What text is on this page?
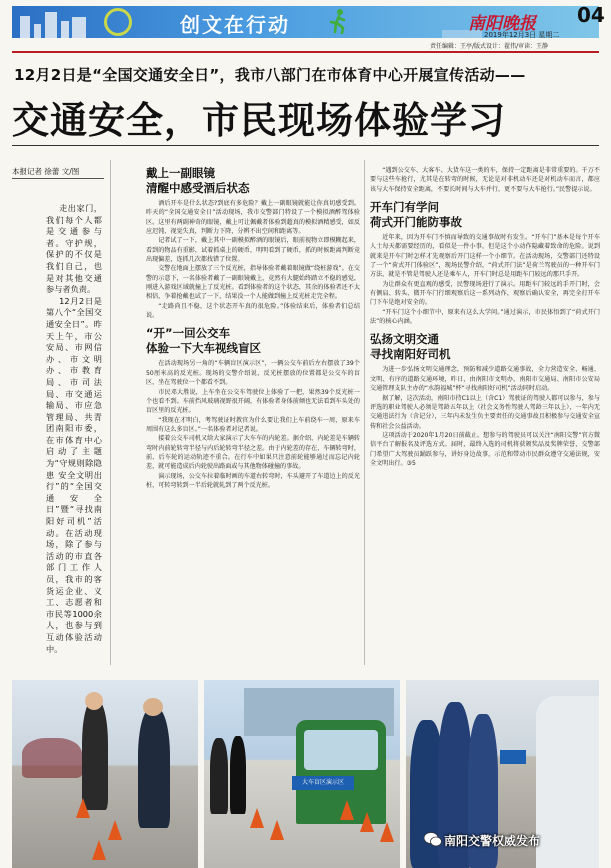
创文在行动	南阳晚报 04
2019年12月3日 星期二
责任编辑：王亭/版式设计：翟伟/审读：王静
12月2日是“全国交通安全日”，我市八部门在市体育中心开展宣传活动——
交通安全，市民现场体验学习
本报记者 徐蕾 文/图

走出家门，我们每个人都是交通参与者。守护规，保护的不仅是我们自己，也是对其他交通参与者负责。

12月2日是第八个“全国交通安全日”。昨天上午，市公安局、市网信办、市文明办、市教育局、市司法局、市交通运输局、市应急管理局、共青团南阳市委，在市体育中心启动了主题为“守规则除隐患 安全文明出行”的“全国交通安全日”暨“寻找南阳好司机”活动。在活动现场，除了参与活动的市直各部门工作人员，我市的客货运企业、义工、志愿者和市民等1000余人，也参与到互动体验活动中。

戴上一副眼镜
清醒中感受酒后状态

酒后开车是什么状态?到底有多危险？戴上一副眼镜就能让你真切感受到。昨天的“全国交通安全日”活动现场，我市交警部门特设了一个模拟酒醉驾体验区。这里有两副神奇的眼镜，戴上可让佩戴者体验到超真的模拟酒精感受，如反应迟钝、视觉失真，判断力下降，分辨不出空间和距离等。

记者试了一下，戴上其中一副模拟醉酒的眼镜后，眼前视物立即模糊起来，看到的物品有重影，试着抓桌上的硬币，明明看到了硬币，抓的时候距离判断竟出现偏差，连抓几次都找错了位置。

交警在地面上摆放了三个反光桩，指导体验者戴着眼镜做“绕桩游戏”。在交警的示意下，一名体验者戴了一副眼镜戴上，竟然有大腿始终踏立不稳的感觉，刚进入游戏区域就撞上了反光桩。看到体验者的这个状态，其余的体验者还不太相信，争着抢戴也试了一下，结果没一个人能做到撞上反光桩走完全程。

“走路尚且不稳，这个状态开车真的很危险。”体验结束后，体验者们总结说。

“开”一回公交车
体验一下大车视线盲区

在活动现场另一角的“车辆盲区演示区”，一辆公交车前后左右摆放了39个50厘米高的反光桩。现场的交警介绍说，反光桩摆放的位置都是公交车的盲区，坐在驾驶位一个都看不到。

市民邓大胜说，上车坐在公交车驾驶位上体验了一把，果然39个反光桩一个也看不到。车前挡风玻璃视野很开阔，有体验者身体前倾也无法看到车头处的盲区里的反光桩。

“我现在才明白，考驾驶证时教官为什么要让我们上车前绕车一周，原来车周围有这么多盲区。”一名体验者对记者说。

接着公交车司机又给大家演示了大车车的内轮差。据介绍，内轮差是车辆转弯时内前轮转弯半径与内后轮转弯半径之差。由于内轮差的存在，车辆转弯时，前、后车轮的运动轨迹不重合。在行车中如果只注意前轮能够通过而忘记内轮差，就可能造成后内轮驶出路面或与其他物体碰撞的事故。

演示现场，公交车拉着临时画的车道右转弯时，车头避开了车道边上的反光桩，可转弯转到一半后轮就轧到了两个反光桩。

“遇到公交车、大客车、大货车这一类的车，保持一定距离是非常重要的。千万不要与这些车抢行，尤其是在转弯的时候，无论是对非机动车还是对机动车而言，都应该与大车保持安全距离，不要长时间与大车并行，更不要与大车抢行。”民警提示说。

开车门有学问
荷式开门能防事故

近年来，因为开车门不慎而导致的交通事故时有发生。“开车门”基本是每个开车人士每天都需要经历的，看似是一件小事，但是这个小动作隐藏着致命的危险。说到就来是开车门时怎样才先观察后开门这样一个小细节。在活动现场，交警部门还特设了一个“荷式开门体验区”，现场民警介绍，“荷式开门法”是荷兰驾驶员的一种开车门方法，就是不管是驾驶人还是乘车人，开车门时总是用距车门较远的那只手开。

为让群众有更直观的感受，民警现场进行了演示。用距车门较远的手开门时，会有侧肩、转头、微开车门行细观察后这一系列动作，观察后确认安全，再完全打开车门下车是绝对安全的。

“开车门这个小细节中，原来有这么大学问。”通过演示，市民体悟到了“荷式开门法”的核心内涵。

弘扬文明交通
寻找南阳好司机

为进一步弘扬文明交通理念，预防和减少道路交通事故，全力营造安全、畅通、文明、有序的道路交通环境，昨日，由南阳市文明办、南阳市交通局、南阳市公安局交通管理支队主办的“水韵福城”杯“寻找南阳好司机”活动同时启动。

据了解，这次活动，南阳市持C1以上（含C1）驾驶证的驾驶人都可以参与，参与评选的职业驾驶人必须是驾龄五年以上（社会义务性驾驶人驾龄三年以上），一年内无交通违法行为（含记分），三年内未发生负主要责任的交通事故且积极参与交通安全宣传和社会公益活动。

这项活动于2020年1月20日前截止。想参与的驾驶员可以关注“南阳交警”官方微信平台了解报名及评选方式。届时，最终入选的司机将获颁奖品及奖牌荣誉，交警部门希望广大驾驶员踊跃参与，讲好身边故事，示范和带动市民群众遵守交通法规，安全文明出行。③5

大车盲区演示区
南阳交警权威发布
